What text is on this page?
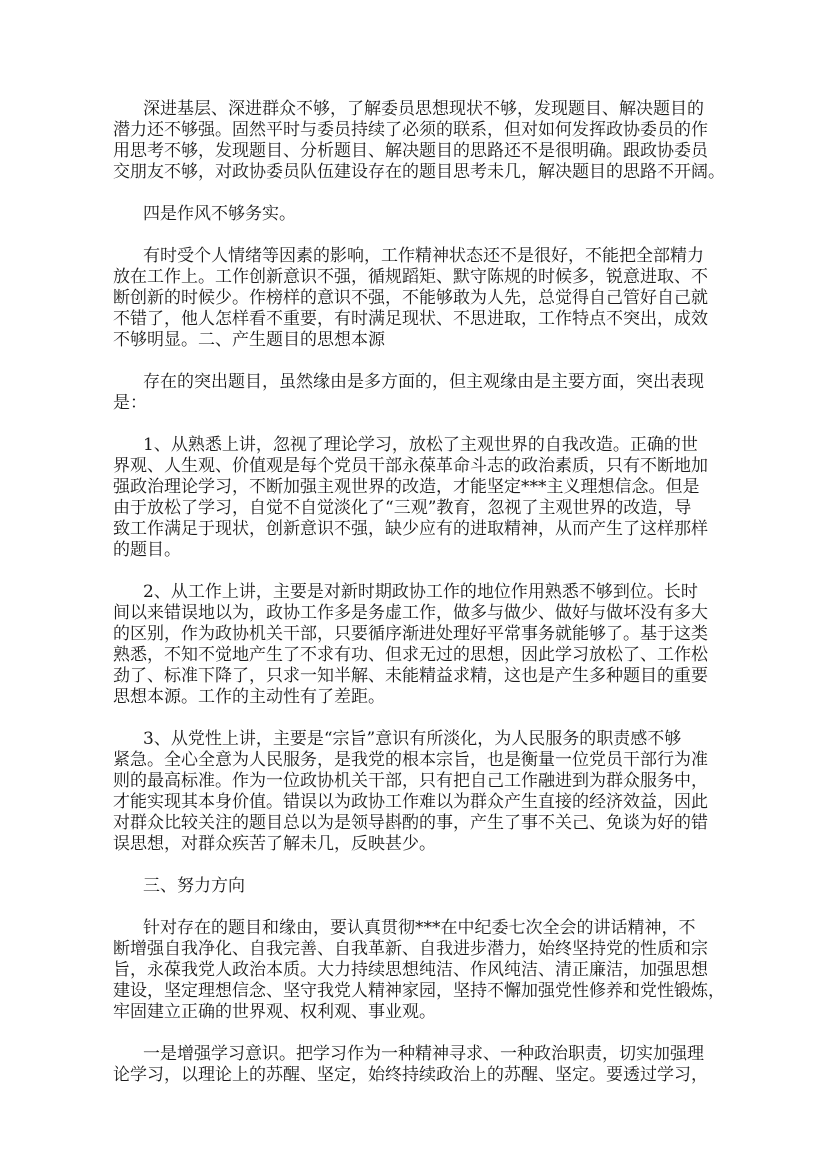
深进基层、深进群众不够，了解委员思想现状不够，发现题目、解决题目的
潜力还不够强。固然平时与委员持续了必须的联系，但对如何发挥政协委员的作
用思考不够，发现题目、分析题目、解决题目的思路还不是很明确。跟政协委员
交朋友不够，对政协委员队伍建设存在的题目思考未几，解决题目的思路不开阔。
四是作风不够务实。
有时受个人情绪等因素的影响，工作精神状态还不是很好，不能把全部精力
放在工作上。工作创新意识不强，循规蹈矩、默守陈规的时候多，锐意进取、不
断创新的时候少。作榜样的意识不强，不能够敢为人先，总觉得自己管好自己就
不错了，他人怎样看不重要，有时满足现状、不思进取，工作特点不突出，成效
不够明显。二、产生题目的思想本源
存在的突出题目，虽然缘由是多方面的，但主观缘由是主要方面，突出表现
是：
1、从熟悉上讲，忽视了理论学习，放松了主观世界的自我改造。正确的世
界观、人生观、价值观是每个党员干部永葆革命斗志的政治素质，只有不断地加
强政治理论学习，不断加强主观世界的改造，才能坚定***主义理想信念。但是
由于放松了学习，自觉不自觉淡化了“三观”教育，忽视了主观世界的改造，导
致工作满足于现状，创新意识不强，缺少应有的进取精神，从而产生了这样那样
的题目。
2、从工作上讲，主要是对新时期政协工作的地位作用熟悉不够到位。长时
间以来错误地以为，政协工作多是务虚工作，做多与做少、做好与做坏没有多大
的区别，作为政协机关干部，只要循序渐进处理好平常事务就能够了。基于这类
熟悉，不知不觉地产生了不求有功、但求无过的思想，因此学习放松了、工作松
劲了、标准下降了，只求一知半解、未能精益求精，这也是产生多种题目的重要
思想本源。工作的主动性有了差距。
3、从党性上讲，主要是“宗旨”意识有所淡化，为人民服务的职责感不够
紧急。全心全意为人民服务，是我党的根本宗旨，也是衡量一位党员干部行为准
则的最高标准。作为一位政协机关干部，只有把自己工作融进到为群众服务中，
才能实现其本身价值。错误以为政协工作难以为群众产生直接的经济效益，因此
对群众比较关注的题目总以为是领导斟酌的事，产生了事不关己、免谈为好的错
误思想，对群众疾苦了解未几，反映甚少。
三、努力方向
针对存在的题目和缘由，要认真贯彻***在中纪委七次全会的讲话精神，不
断增强自我净化、自我完善、自我革新、自我进步潜力，始终坚持党的性质和宗
旨，永葆我党人政治本质。大力持续思想纯洁、作风纯洁、清正廉洁，加强思想
建设，坚定理想信念、坚守我党人精神家园，坚持不懈加强党性修养和党性锻炼，
牢固建立正确的世界观、权利观、事业观。
一是增强学习意识。把学习作为一种精神寻求、一种政治职责，切实加强理
论学习，以理论上的苏醒、坚定，始终持续政治上的苏醒、坚定。要透过学习，
